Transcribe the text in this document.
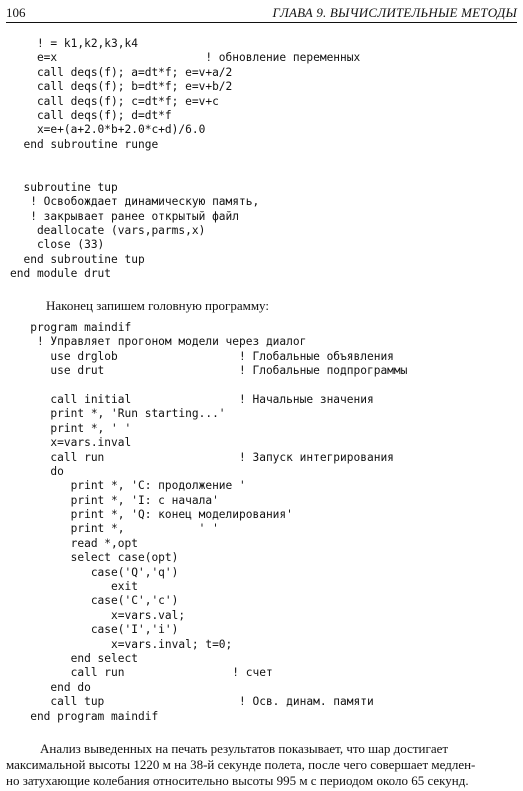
106	ГЛАВА 9. ВЫЧИСЛИТЕЛЬНЫЕ МЕТОДЫ
! = k1,k2,k3,k4
e=x                      ! обновление переменных
call deqs(f); a=dt*f; e=v+a/2
call deqs(f); b=dt*f; e=v+b/2
call deqs(f); c=dt*f; e=v+c
call deqs(f); d=dt*f
x=e+(a+2.0*b+2.0*c+d)/6.0
end subroutine runge
subroutine tup
! Освобождает динамическую память,
! закрывает ранее открытый файл
deallocate (vars,parms,x)
close (33)
end subroutine tup
end module drut
Наконец запишем головную программу:
program maindif
! Управляет прогоном модели через диалог
use drglob                  ! Глобальные объявления
use drut                    ! Глобальные подпрограммы
call initial                ! Начальные значения
print *, 'Run starting...'
print *, ' '
x=vars.inval
call run                    ! Запуск интегрирования
do
print *, 'C: продолжение '
print *, 'I: с начала'
print *, 'Q: конец моделирования'
print *,           ' '
read *,opt
select case(opt)
case('Q','q')
exit
case('C','c')
x=vars.val;
case('I','i')
x=vars.inval; t=0;
end select
call run                ! счет
end do
call tup                    ! Осв. динам. памяти
end program maindif
Анализ выведенных на печать результатов показывает, что шар достигает
максимальной высоты 1220 м на 38-й секунде полета, после чего совершает медлен-
но затухающие колебания относительно высоты 995 м с периодом около 65 секунд.
